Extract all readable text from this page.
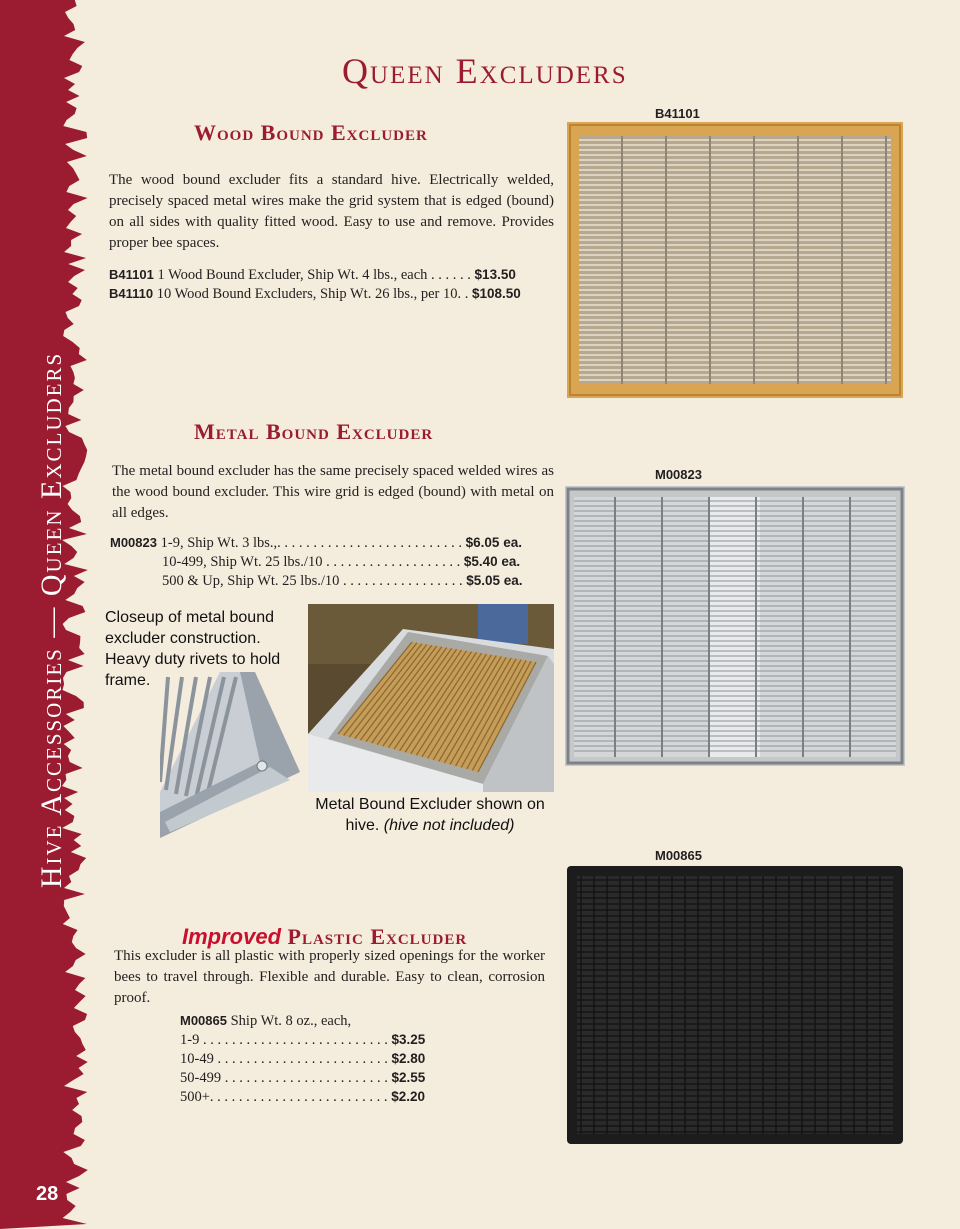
Hive Accessories — Queen Excluders
28
Queen Excluders
Wood Bound Excluder
The wood bound excluder fits a standard hive. Electrically welded, precisely spaced metal wires make the grid system that is edged (bound) on all sides with quality fitted wood. Easy to use and remove. Provides proper bee spaces.
B41101 1 Wood Bound Excluder, Ship Wt. 4 lbs., each . . . . . . $13.50
B41110 10 Wood Bound Excluders, Ship Wt. 26 lbs., per 10. . $108.50
B41101
Metal Bound Excluder
The metal bound excluder has the same precisely spaced welded wires as the wood bound excluder. This wire grid is edged (bound) with metal on all edges.
M00823 1-9, Ship Wt. 3 lbs.,. . . . . . . . . . . . . . . . . . . . . . . . . . $6.05 ea.
10-499, Ship Wt. 25 lbs./10 . . . . . . . . . . . . . . . . . . . $5.40 ea.
500 & Up, Ship Wt. 25 lbs./10 . . . . . . . . . . . . . . . . . $5.05 ea.
Closeup of metal bound excluder construction. Heavy duty rivets to hold frame.
Metal Bound Excluder shown on hive. (hive not included)
M00823
Improved Plastic Excluder
This excluder is all plastic with properly sized openings for the worker bees to travel through. Flexible and durable. Easy to clean, corrosion proof.
M00865 Ship Wt. 8 oz., each,
1-9 . . . . . . . . . . . . . . . . . . . . . . . . . . $3.25
10-49 . . . . . . . . . . . . . . . . . . . . . . . . $2.80
50-499 . . . . . . . . . . . . . . . . . . . . . . . $2.55
500+. . . . . . . . . . . . . . . . . . . . . . . . . $2.20
M00865
